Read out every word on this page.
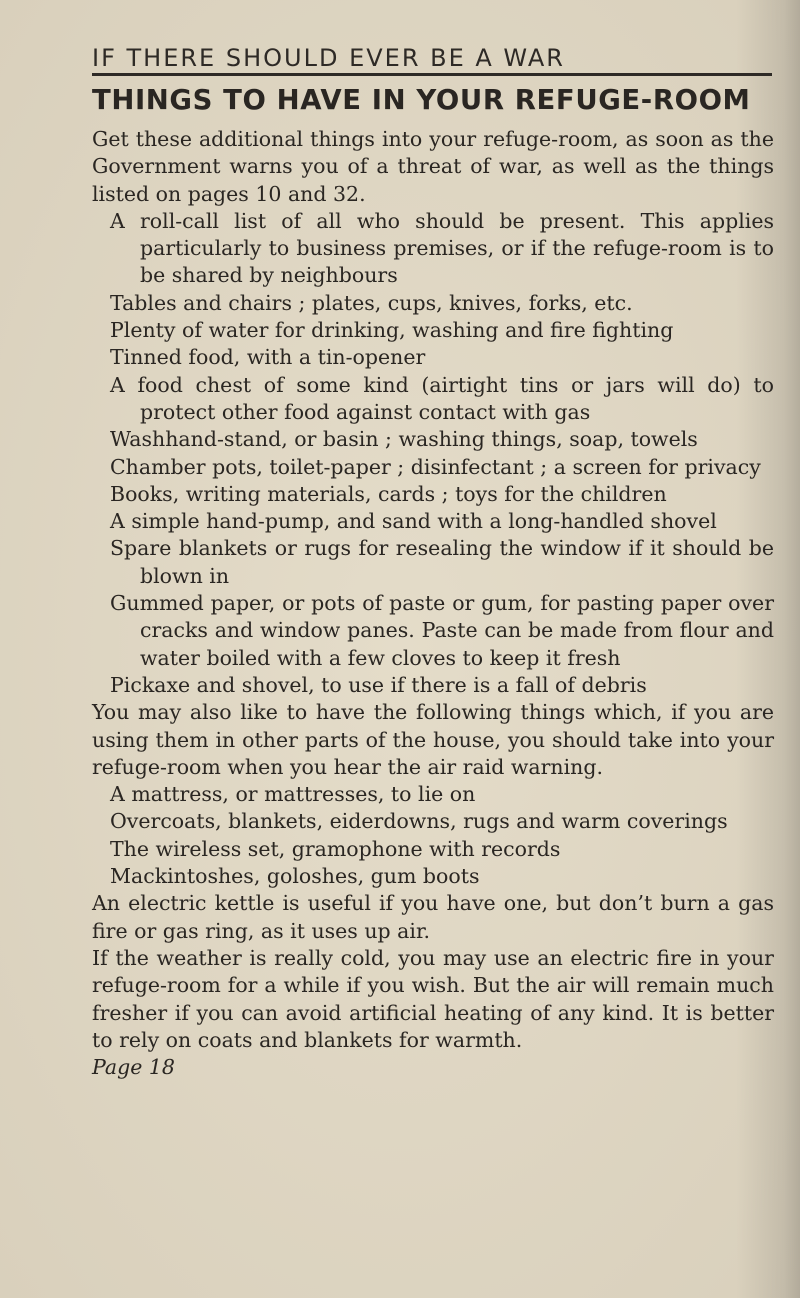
IF THERE SHOULD EVER BE A WAR
THINGS TO HAVE IN YOUR REFUGE-ROOM

Get these additional things into your refuge-room, as soon as the Government warns you of a threat of war, as well as the things listed on pages 10 and 32.

A roll-call list of all who should be present. This applies particularly to business premises, or if the refuge-room is to be shared by neighbours

Tables and chairs ; plates, cups, knives, forks, etc.

Plenty of water for drinking, washing and fire fighting

Tinned food, with a tin-opener

A food chest of some kind (airtight tins or jars will do) to protect other food against contact with gas

Washhand-stand, or basin ; washing things, soap, towels

Chamber pots, toilet-paper ; disinfectant ; a screen for privacy

Books, writing materials, cards ; toys for the children

A simple hand-pump, and sand with a long-handled shovel

Spare blankets or rugs for resealing the window if it should be blown in

Gummed paper, or pots of paste or gum, for pasting paper over cracks and window panes. Paste can be made from flour and water boiled with a few cloves to keep it fresh

Pickaxe and shovel, to use if there is a fall of debris

You may also like to have the following things which, if you are using them in other parts of the house, you should take into your refuge-room when you hear the air raid warning.

A mattress, or mattresses, to lie on

Overcoats, blankets, eiderdowns, rugs and warm coverings

The wireless set, gramophone with records

Mackintoshes, goloshes, gum boots

An electric kettle is useful if you have one, but don’t burn a gas fire or gas ring, as it uses up air.

If the weather is really cold, you may use an electric fire in your refuge-room for a while if you wish. But the air will remain much fresher if you can avoid artificial heating of any kind. It is better to rely on coats and blankets for warmth.

Page 18
